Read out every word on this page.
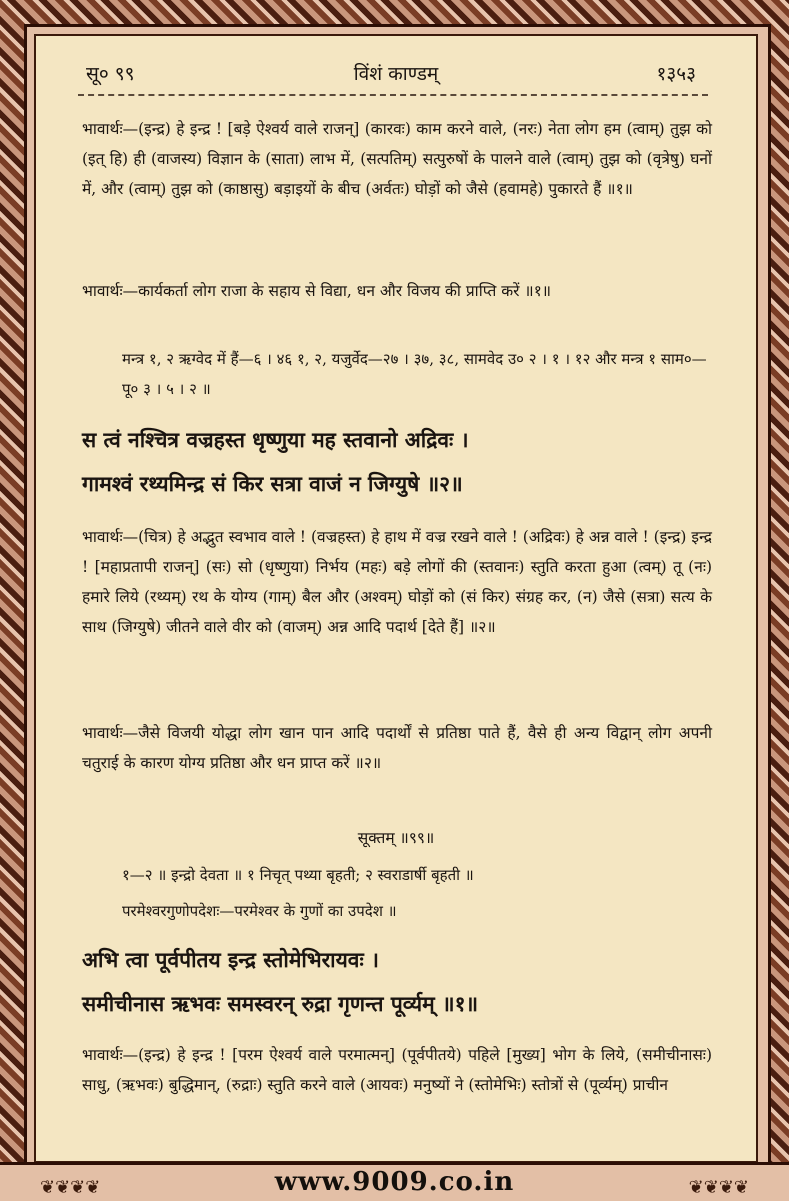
सू० ९९	विंशं काण्डम्	१३५३
भावार्थः—(इन्द्र) हे इन्द्र ! [बड़े ऐश्वर्य वाले राजन्] (कारवः) काम करने वाले, (नरः) नेता लोग हम (त्वाम्) तुझ को (इत् हि) ही (वाजस्य) विज्ञान के (साता) लाभ में, (सत्पतिम्) सत्पुरुषों के पालने वाले (त्वाम्) तुझ को (वृत्रेषु) घनों में, और (त्वाम्) तुझ को (काष्ठासु) बड़ाइयों के बीच (अर्वतः) घोड़ों को जैसे (हवामहे) पुकारते हैं ॥१॥
भावार्थः—कार्यकर्ता लोग राजा के सहाय से विद्या, धन और विजय की प्राप्ति करें ॥१॥
मन्त्र १, २ ऋग्वेद में हैं—६ । ४६ १, २, यजुर्वेद—२७ । ३७, ३८, सामवेद उ० २ । १ । १२ और मन्त्र १ साम०—पू० ३ । ५ । २ ॥
स त्वं नश्चित्र वज्रहस्त धृष्णुया मह स्तवानो अद्रिवः ।
गामश्वं रथ्यमिन्द्र सं किर सत्रा वाजं न जिग्युषे ॥२॥
भावार्थः—(चित्र) हे अद्भुत स्वभाव वाले ! (वज्रहस्त) हे हाथ में वज्र रखने वाले ! (अद्रिवः) हे अन्न वाले ! (इन्द्र) इन्द्र ! [महाप्रतापी राजन्] (सः) सो (धृष्णुया) निर्भय (महः) बड़े लोगों की (स्तवानः) स्तुति करता हुआ (त्वम्) तू (नः) हमारे लिये (रथ्यम्) रथ के योग्य (गाम्) बैल और (अश्वम्) घोड़ों को (सं किर) संग्रह कर, (न) जैसे (सत्रा) सत्य के साथ (जिग्युषे) जीतने वाले वीर को (वाजम्) अन्न आदि पदार्थ [देते हैं] ॥२॥
भावार्थः—जैसे विजयी योद्धा लोग खान पान आदि पदार्थों से प्रतिष्ठा पाते हैं, वैसे ही अन्य विद्वान् लोग अपनी चतुराई के कारण योग्य प्रतिष्ठा और धन प्राप्त करें ॥२॥
सूक्तम् ॥९९॥
१—२ ॥ इन्द्रो देवता ॥ १ निचृत् पथ्या बृहती; २ स्वराडार्षी बृहती ॥
परमेश्वरगुणोपदेशः—परमेश्वर के गुणों का उपदेश ॥
अभि त्वा पूर्वपीतय इन्द्र स्तोमेभिरायवः ।
समीचीनास ऋभवः समस्वरन् रुद्रा गृणन्त पूर्व्यम् ॥१॥
भावार्थः—(इन्द्र) हे इन्द्र ! [परम ऐश्वर्य वाले परमात्मन्] (पूर्वपीतये) पहिले [मुख्य] भोग के लिये, (समीचीनासः) साधु, (ऋभवः) बुद्धिमान्, (रुद्राः) स्तुति करने वाले (आयवः) मनुष्यों ने (स्तोमेभिः) स्तोत्रों से (पूर्व्यम्) प्राचीन
❦❦❦❦	www.9009.co.in	❦❦❦❦
